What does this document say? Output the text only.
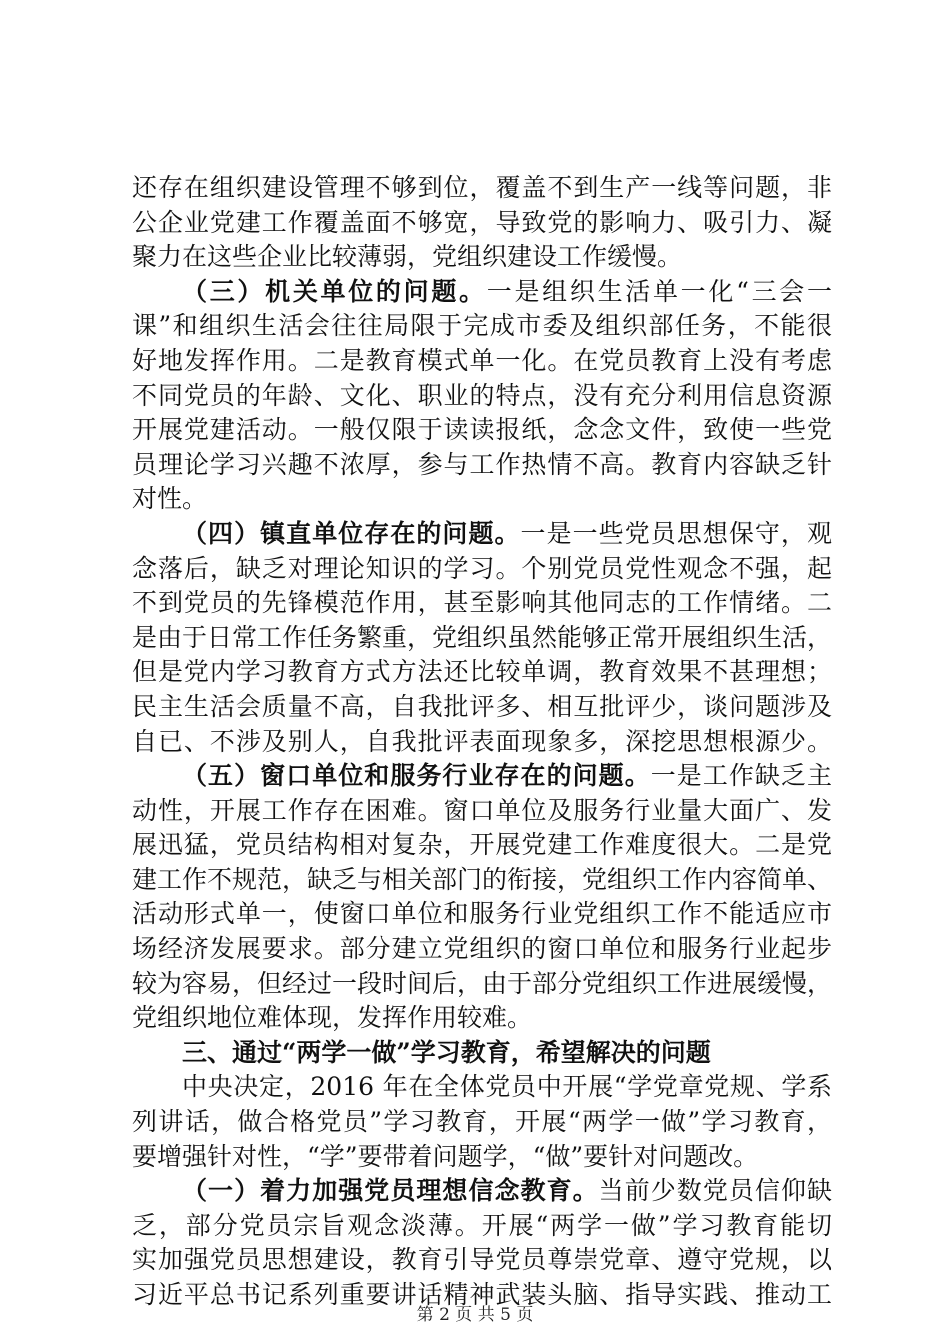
还存在组织建设管理不够到位，覆盖不到生产一线等问题，非
公企业党建工作覆盖面不够宽，导致党的影响力、吸引力、凝
聚力在这些企业比较薄弱，党组织建设工作缓慢。
（三）机关单位的问题。一是组织生活单一化“三会一
课”和组织生活会往往局限于完成市委及组织部任务，不能很
好地发挥作用。二是教育模式单一化。在党员教育上没有考虑
不同党员的年龄、文化、职业的特点，没有充分利用信息资源
开展党建活动。一般仅限于读读报纸，念念文件，致使一些党
员理论学习兴趣不浓厚，参与工作热情不高。教育内容缺乏针
对性。
（四）镇直单位存在的问题。一是一些党员思想保守，观
念落后，缺乏对理论知识的学习。个别党员党性观念不强，起
不到党员的先锋模范作用，甚至影响其他同志的工作情绪。二
是由于日常工作任务繁重，党组织虽然能够正常开展组织生活，
但是党内学习教育方式方法还比较单调，教育效果不甚理想；
民主生活会质量不高，自我批评多、相互批评少，谈问题涉及
自已、不涉及别人，自我批评表面现象多，深挖思想根源少。
（五）窗口单位和服务行业存在的问题。一是工作缺乏主
动性，开展工作存在困难。窗口单位及服务行业量大面广、发
展迅猛，党员结构相对复杂，开展党建工作难度很大。二是党
建工作不规范，缺乏与相关部门的衔接，党组织工作内容简单、
活动形式单一，使窗口单位和服务行业党组织工作不能适应市
场经济发展要求。部分建立党组织的窗口单位和服务行业起步
较为容易，但经过一段时间后，由于部分党组织工作进展缓慢，
党组织地位难体现，发挥作用较难。
三、通过“两学一做”学习教育，希望解决的问题
中央决定，2016 年在全体党员中开展“学党章党规、学系
列讲话，做合格党员”学习教育，开展“两学一做”学习教育，
要增强针对性，“学”要带着问题学，“做”要针对问题改。
（一）着力加强党员理想信念教育。当前少数党员信仰缺
乏，部分党员宗旨观念淡薄。开展“两学一做”学习教育能切
实加强党员思想建设，教育引导党员尊崇党章、遵守党规，以
习近平总书记系列重要讲话精神武装头脑、指导实践、推动工
第 2 页 共 5 页
